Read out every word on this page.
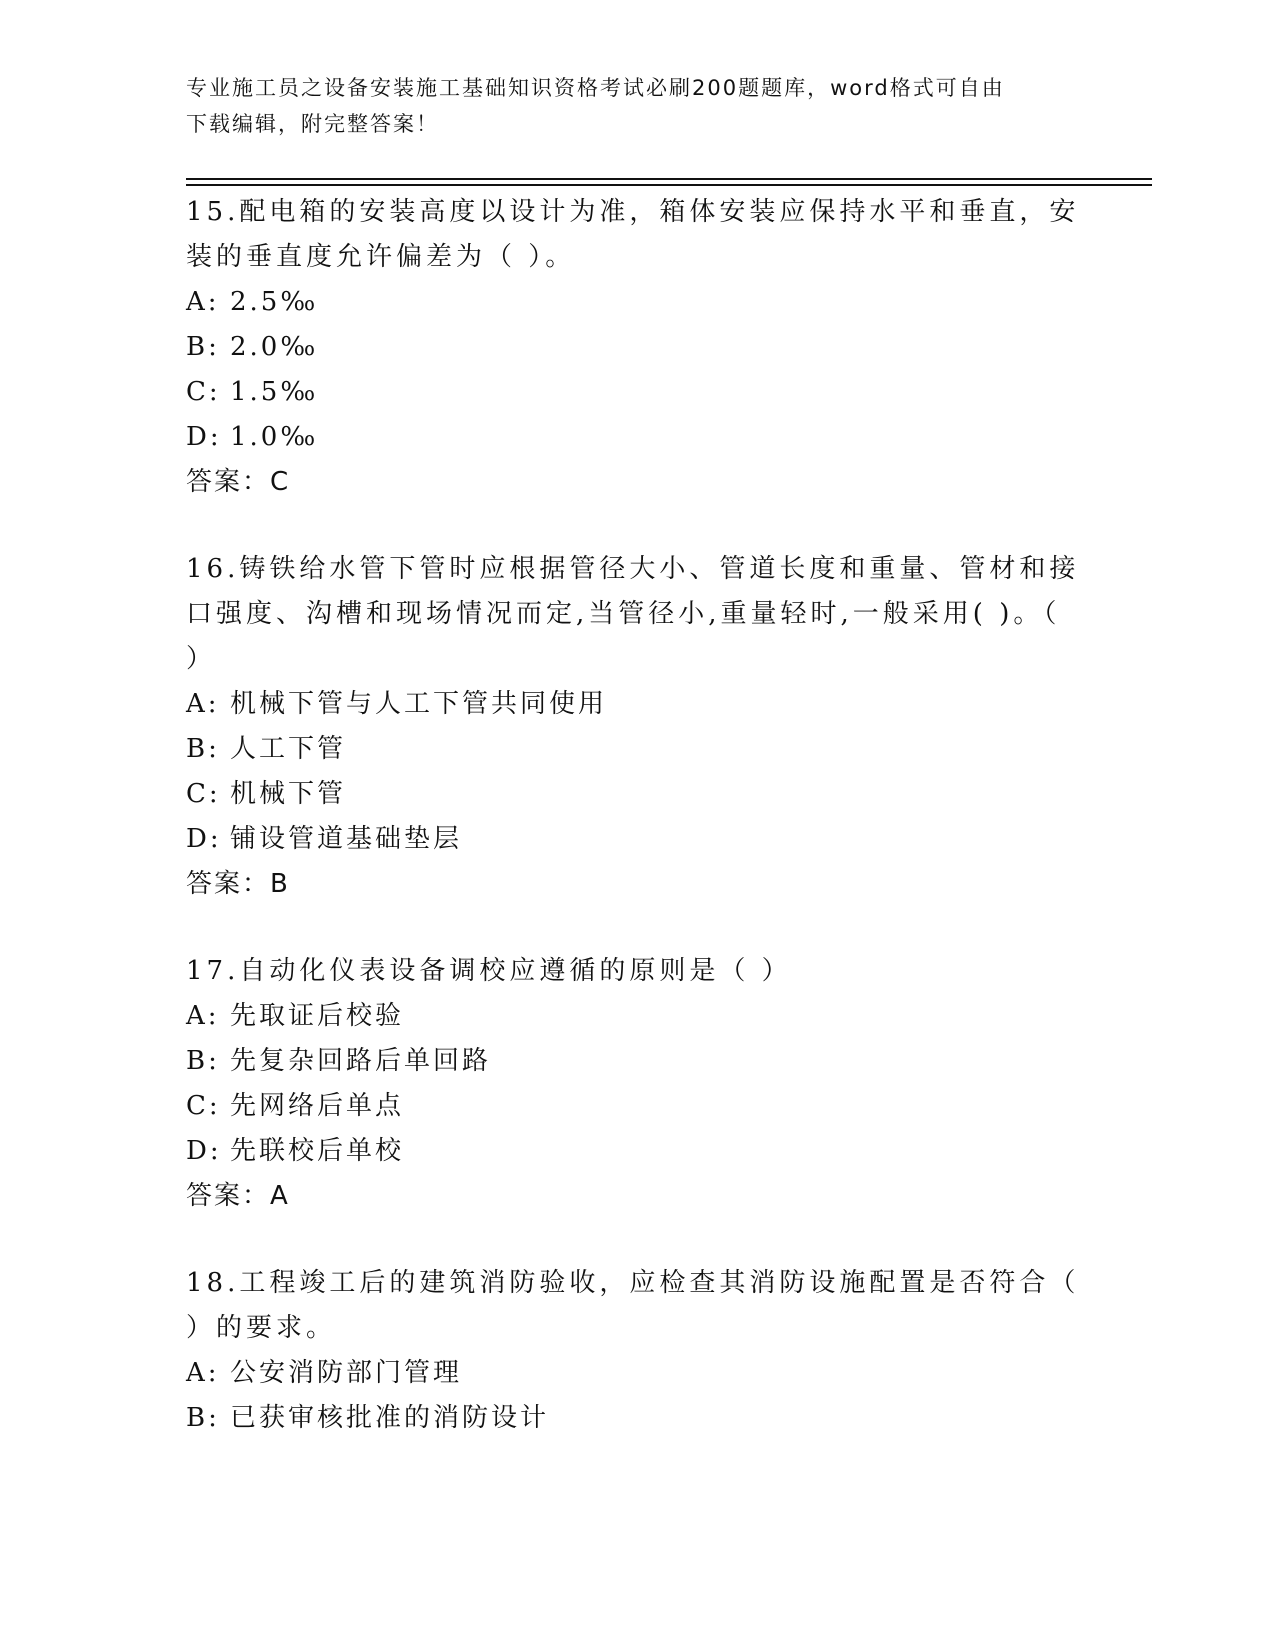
专业施工员之设备安装施工基础知识资格考试必刷200题题库，word格式可自由
下载编辑，附完整答案！

15.配电箱的安装高度以设计为准，箱体安装应保持水平和垂直，安装的垂直度允许偏差为（ ）。

A: 2.5‰

B: 2.0‰

C: 1.5‰

D: 1.0‰

答案：C

16.铸铁给水管下管时应根据管径大小、管道长度和重量、管材和接口强度、沟槽和现场情况而定,当管径小,重量轻时,一般采用( )。（ ）

A: 机械下管与人工下管共同使用

B: 人工下管

C: 机械下管

D: 铺设管道基础垫层

答案：B

17.自动化仪表设备调校应遵循的原则是（ ）

A: 先取证后校验

B: 先复杂回路后单回路

C: 先网络后单点

D: 先联校后单校

答案：A

18.工程竣工后的建筑消防验收，应检查其消防设施配置是否符合（ ）的要求。

A: 公安消防部门管理

B: 已获审核批准的消防设计
